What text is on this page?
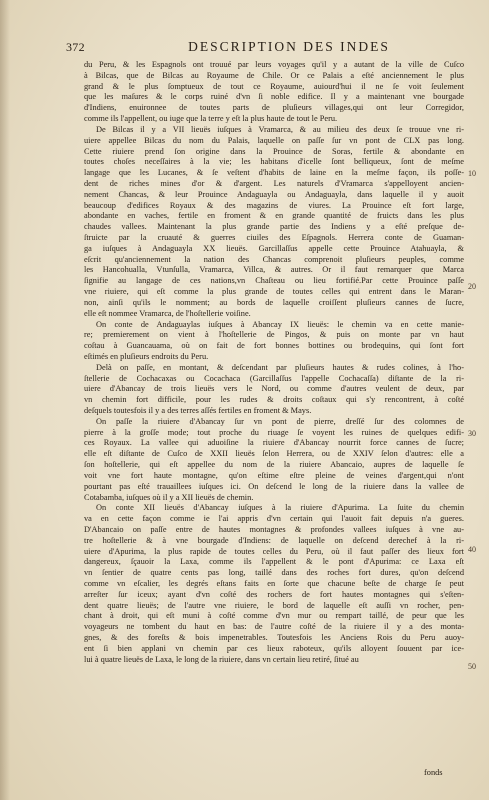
372	DESCRIPTION DES INDES
du Peru, & les Espagnols ont trouué par leurs voyages qu'il y a autant de la ville de Cuſco
à Bilcas, que de Bilcas au Royaume de Chile. Or ce Palais a eſté anciennement le plus
grand & le plus ſomptueux de tout ce Royaume, auiourd'hui il ne ſe voit ſeulement
que les maſures & le corps ruiné d'vn ſi noble edifice. Il y a maintenant vne bourgade
d'Indiens, enuironnee de toutes parts de pluſieurs villages,qui ont leur Corregidor,
comme ils l'appellent, ou iuge que la terre y eſt la plus haute de tout le Peru.
De Bilcas il y a VII lieuës iuſques à Vramarca, & au milieu des deux ſe trouue vne ri-
uiere appellee Bilcas du nom du Palais, laquelle on paſſe ſur vn pont de CLX pas long.
Cette riuiere prend ſon origine dans la Prouince de Soras, fertile & abondante en
toutes choſes neceſſaires à la vie; les habitans d'icelle ſont belliqueux, ſont de meſme
langage que les Lucanes, & ſe veſtent d'habits de laine en la meſme façon, ils poſſe-
dent de riches mines d'or & d'argent. Les naturels d'Vramarca s'appelloyent ancien-
nement Chancas, & leur Prouince Andaguayla ou Andaguayla, dans laquelle il y auoit
beaucoup d'edifices Royaux & des magazins de viures. La Prouince eſt fort large,
abondante en vaches, fertile en froment & en grande quantité de fruicts dans les plus
chaudes vallees. Maintenant la plus grande partie des Indiens y a eſté preſque de-
ſtruicte par la cruauté & guerres ciuiles des Eſpagnols. Herrera conte de Guaman-
ga iuſques à Andaguayla XX lieuës. Garcillaſſus appelle cette Prouince Atahuayla, &
eſcrit qu'anciennement la nation des Chancas comprenoit pluſieurs peuples, comme
les Hancohualla, Vtunſulla, Vramarca, Villca, & autres. Or il faut remarquer que Marca
ſignifie au langage de ces nations,vn Chaſteau ou lieu fortifié.Par cette Prouince paſſe
vne riuiere, qui eſt comme la plus grande de toutes celles qui entrent dans le Maran-
non, ainſi qu'ils le nomment; au bords de laquelle croiſſent pluſieurs cannes de ſucre,
elle eſt nommee Vramarca, de l'hoſtellerie voiſine.
On conte de Andaguaylas iuſques à Abancay IX lieuës: le chemin va en cette manie-
re; premierement on vient à l'hoſtellerie de Pingos, & puis on monte par vn haut
coſtau à Guancauama, où on fait de fort bonnes bottines ou brodequins, qui ſont fort
eſtimés en pluſieurs endroits du Peru.
Delà on paſſe, en montant, & deſcendant par pluſieurs hautes & rudes colines, à l'ho-
ſtellerie de Cochacaxas ou Cocachaca (Garcillaſſus l'appelle Cochacaſſa) diſtante de la ri-
uiere d'Abancay de trois lieuës vers le Nord, ou comme d'autres veulent de deux, par
vn chemin fort difficile, pour les rudes & droits coſtaux qui s'y rencontrent, à coſté
deſquels toutesfois il y a des terres aſſés fertiles en froment & Mays.
On paſſe la riuiere d'Abancay ſur vn pont de pierre, dreſſé ſur des colomnes de
pierre à la groſſe mode; tout proche du riuage ſe voyent les ruines de quelques edifi-
ces Royaux. La vallee qui aduoiſine la riuiere d'Abancay nourrit force cannes de ſucre;
elle eſt diſtante de Cuſco de XXII lieuës ſelon Herrera, ou de XXIV ſelon d'autres: elle a
ſon hoſtellerie, qui eſt appellee du nom de la riuiere Abancaio, aupres de laquelle ſe
voit vne fort haute montagne, qu'on eſtime eſtre pleine de veines d'argent,qui n'ont
pourtant pas eſté trauaillees iuſques ici. On deſcend le long de la riuiere dans la vallee de
Cotabamba, iuſques où il y a XII lieuës de chemin.
On conte XII lieuës d'Abancay iuſques à la riuiere d'Apurima. La ſuite du chemin
va en cette façon comme ie l'ai appris d'vn certain qui l'auoit fait depuis n'a gueres.
D'Abancaio on paſſe entre de hautes montagnes & profondes vallees iuſques à vne au-
tre hoſtellerie & à vne bourgade d'Indiens: de laquelle on deſcend derechef à la ri-
uiere d'Apurima, la plus rapide de toutes celles du Peru, où il faut paſſer des lieux fort
dangereux, ſçauoir la Laxa, comme ils l'appellent & le pont d'Apurima: ce Laxa eſt
vn ſentier de quatre cents pas long, taillé dans des roches fort dures, qu'on deſcend
comme vn eſcalier, les degrés eſtans faits en ſorte que chacune beſte de charge ſe peut
arreſter ſur iceux; ayant d'vn coſté des rochers de fort hautes montagnes qui s'eſten-
dent quatre lieuës; de l'autre vne riuiere, le bord de laquelle eſt auſſi vn rocher, pen-
chant à droit, qui eſt muni à coſté comme d'vn mur ou rempart taillé, de peur que les
voyageurs ne tombent du haut en bas: de l'autre coſté de la riuiere il y a des monta-
gnes, & des foreſts & bois impenetrables. Toutesfois les Anciens Rois du Peru auoy-
ent ſi bien applani vn chemin par ces lieux raboteux, qu'ils alloyent ſouuent par ice-
lui à quatre lieuës de Laxa, le long de la riuiere, dans vn certain lieu retiré, ſitué au
10
20
30
40
50
fonds
